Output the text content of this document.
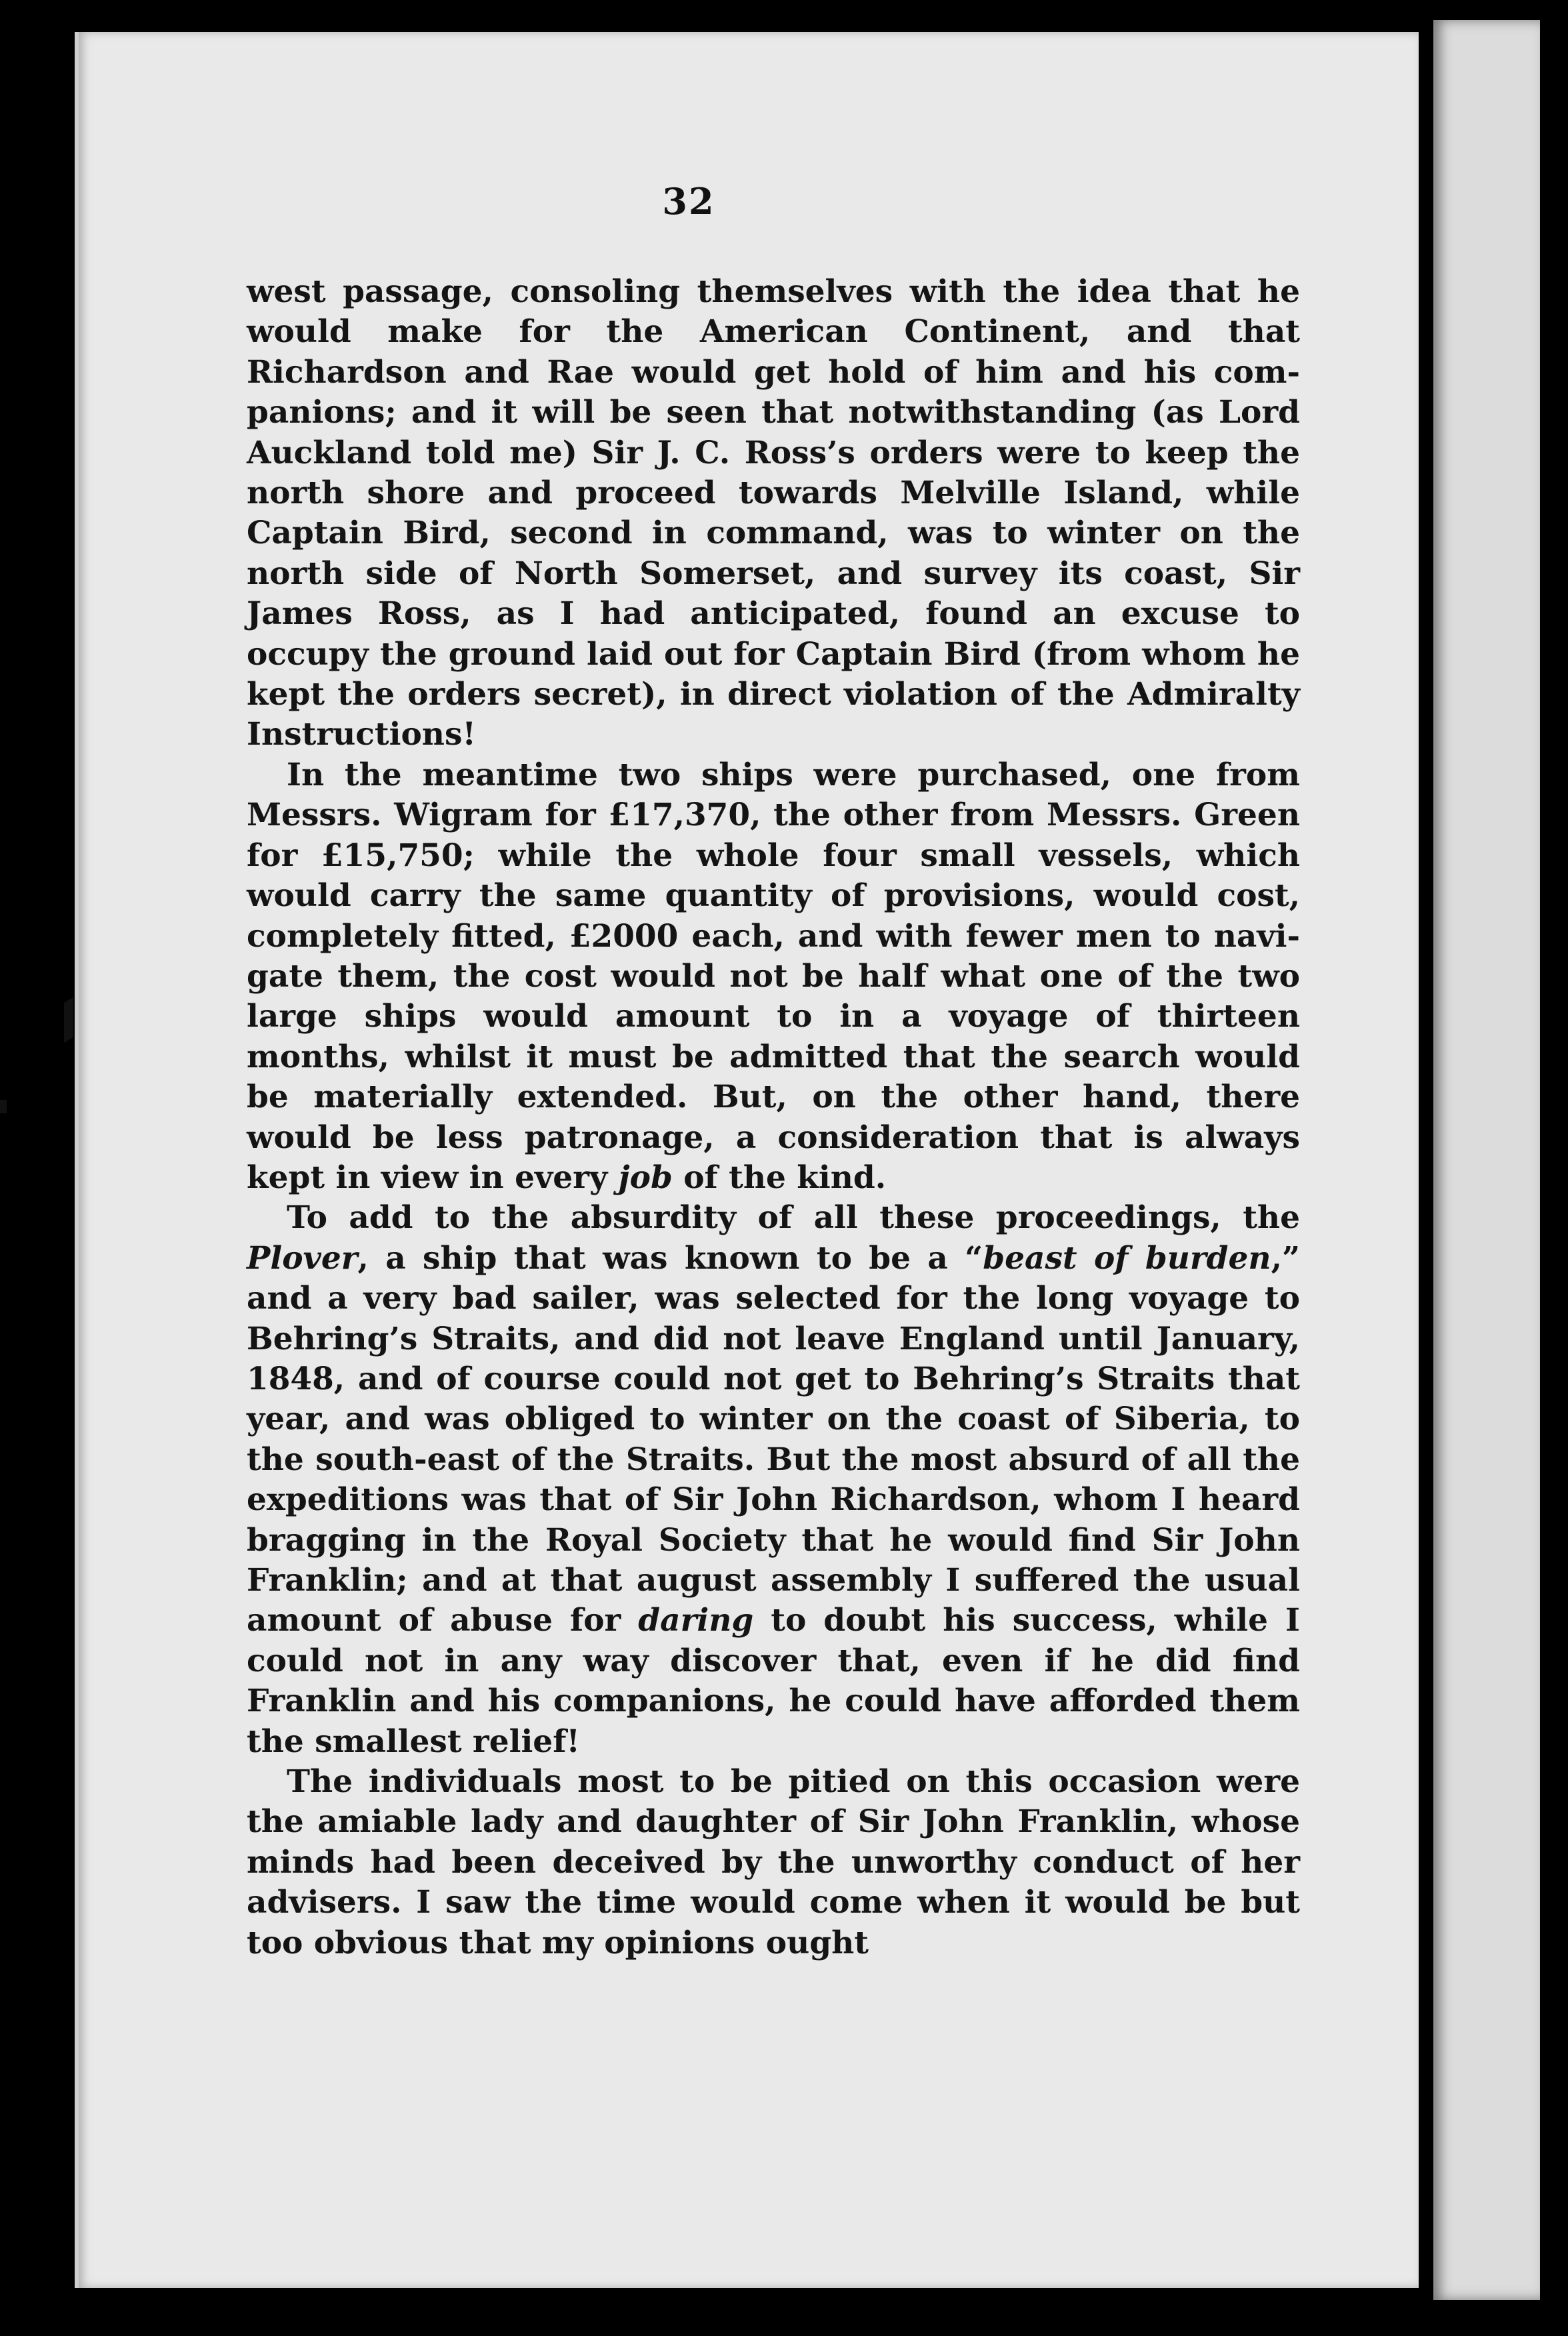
32

west passage, consoling themselves with the idea that he would make for the American Continent, and that Richardson and Rae would get hold of him and his companions; and it will be seen that notwithstanding (as Lord Auckland told me) Sir J. C. Ross’s orders were to keep the north shore and proceed towards Melville Island, while Captain Bird, second in command, was to winter on the north side of North Somerset, and survey its coast, Sir James Ross, as I had anticipated, found an excuse to occupy the ground laid out for Captain Bird (from whom he kept the orders secret), in direct violation of the Admiralty Instructions!

In the meantime two ships were purchased, one from Messrs. Wigram for £17,370, the other from Messrs. Green for £15,750; while the whole four small vessels, which would carry the same quantity of provisions, would cost, completely fitted, £2000 each, and with fewer men to navigate them, the cost would not be half what one of the two large ships would amount to in a voyage of thirteen months, whilst it must be admitted that the search would be materially extended. But, on the other hand, there would be less patronage, a consideration that is always kept in view in every job of the kind.

To add to the absurdity of all these proceedings, the Plover, a ship that was known to be a “beast of burden,” and a very bad sailer, was selected for the long voyage to Behring’s Straits, and did not leave England until January, 1848, and of course could not get to Behring’s Straits that year, and was obliged to winter on the coast of Siberia, to the south-east of the Straits. But the most absurd of all the expeditions was that of Sir John Richardson, whom I heard bragging in the Royal Society that he would find Sir John Franklin; and at that august assembly I suffered the usual amount of abuse for daring to doubt his success, while I could not in any way discover that, even if he did find Franklin and his companions, he could have afforded them the smallest relief!

The individuals most to be pitied on this occasion were the amiable lady and daughter of Sir John Franklin, whose minds had been deceived by the unworthy conduct of her advisers. I saw the time would come when it would be but too obvious that my opinions ought
